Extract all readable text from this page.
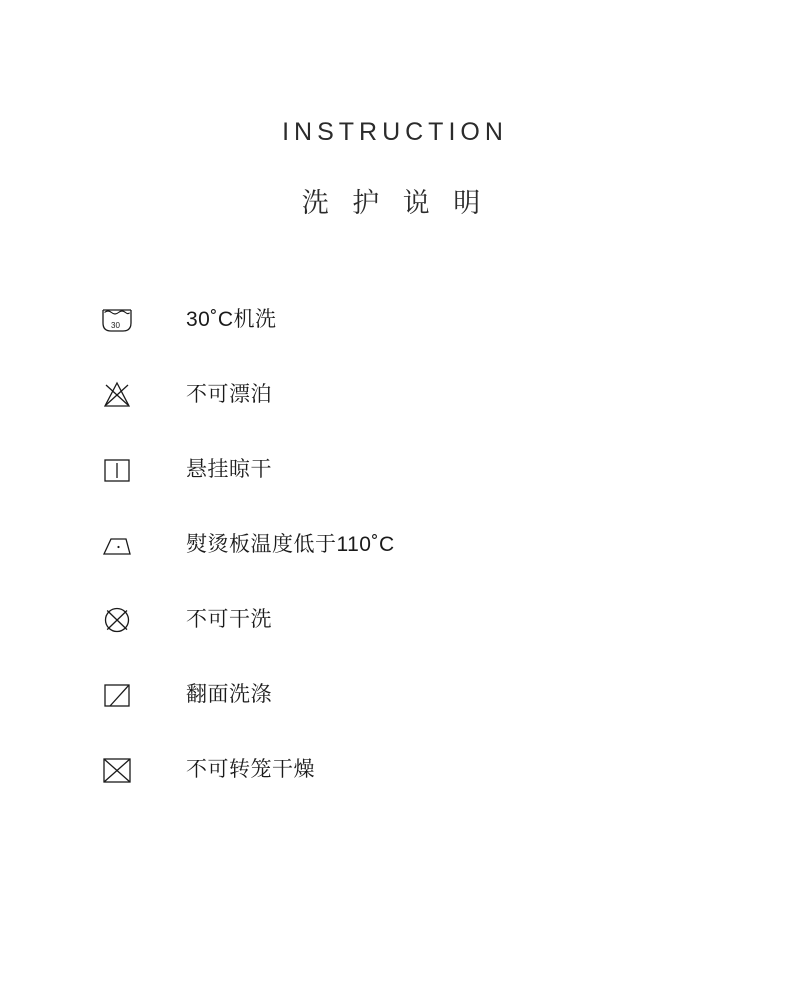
INSTRUCTION
洗 护 说 明
30	30˚C机洗
不可漂泊
悬挂晾干
熨烫板温度低于110˚C
不可干洗
翻面洗涤
不可转笼干燥
